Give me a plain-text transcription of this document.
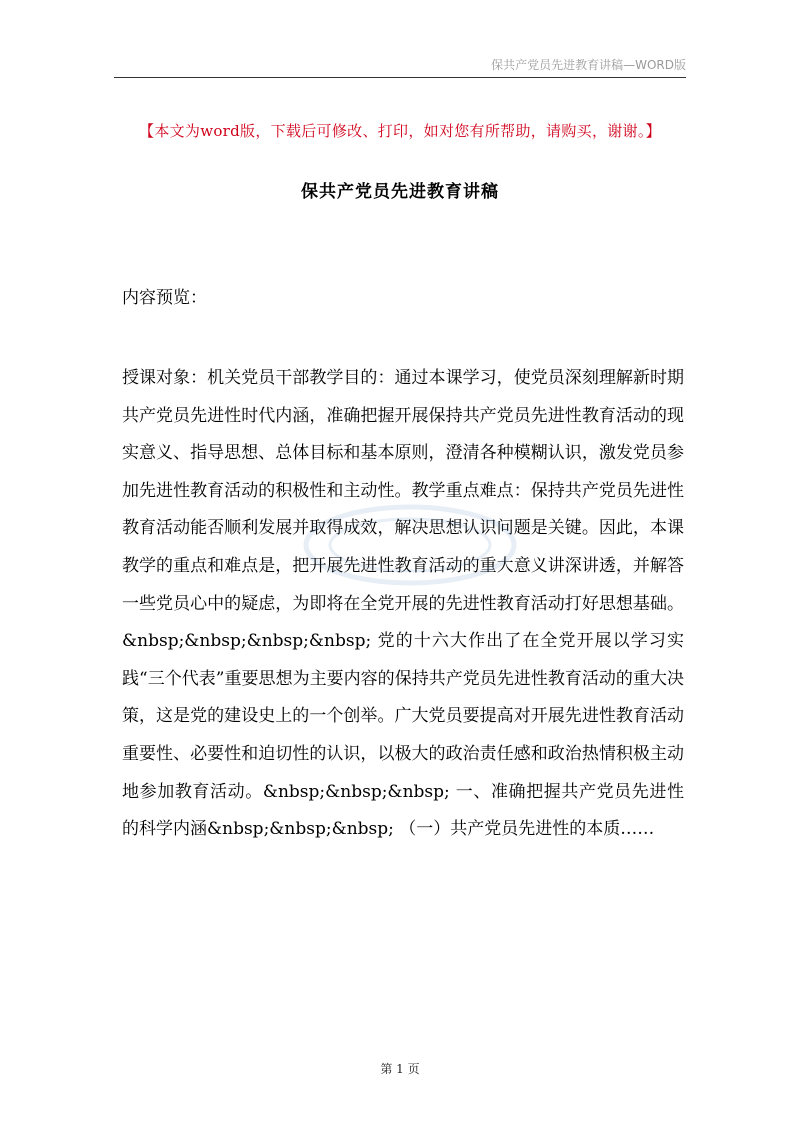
保共产党员先进教育讲稿—WORD版
【本文为word版，下载后可修改、打印，如对您有所帮助，请购买，谢谢。】
保共产党员先进教育讲稿
内容预览：

授课对象：机关党员干部教学目的：通过本课学习，使党员深刻理解新时期共产党员先进性时代内涵，准确把握开展保持共产党员先进性教育活动的现实意义、指导思想、总体目标和基本原则，澄清各种模糊认识，激发党员参加先进性教育活动的积极性和主动性。教学重点难点：保持共产党员先进性教育活动能否顺利发展并取得成效，解决思想认识问题是关键。因此，本课教学的重点和难点是，把开展先进性教育活动的重大意义讲深讲透，并解答一些党员心中的疑虑，为即将在全党开展的先进性教育活动打好思想基础。&nbsp;&nbsp;&nbsp;&nbsp; 党的十六大作出了在全党开展以学习实践“三个代表”重要思想为主要内容的保持共产党员先进性教育活动的重大决策，这是党的建设史上的一个创举。广大党员要提高对开展先进性教育活动重要性、必要性和迫切性的认识，以极大的政治责任感和政治热情积极主动地参加教育活动。&nbsp;&nbsp;&nbsp; 一、准确把握共产党员先进性的科学内涵&nbsp;&nbsp;&nbsp; （一）共产党员先进性的本质……

第 1 页
